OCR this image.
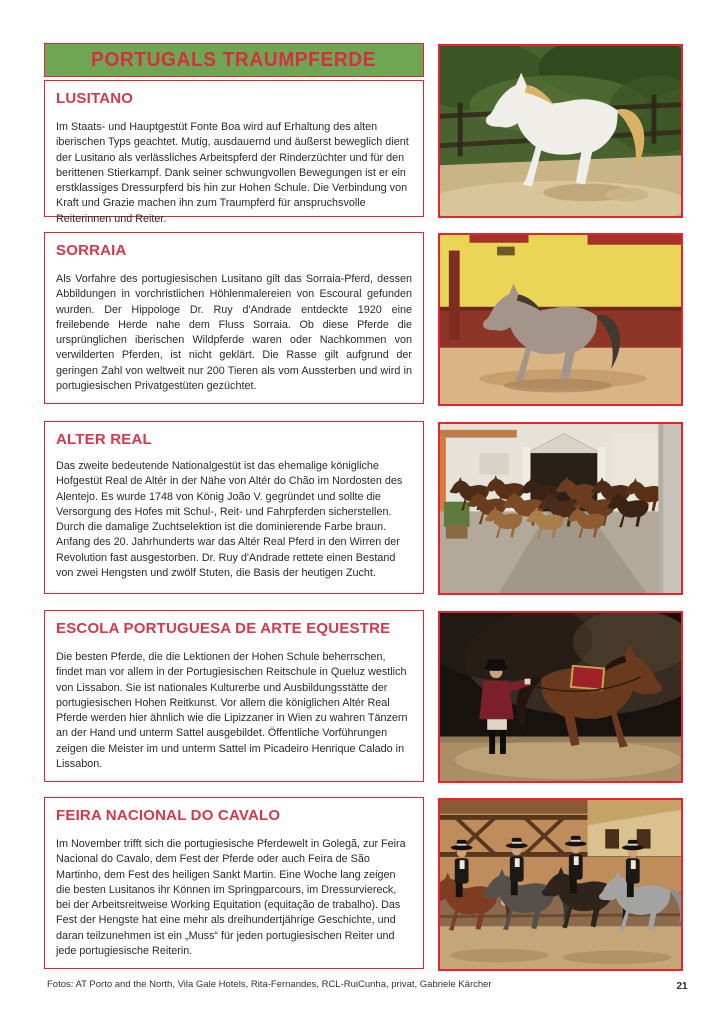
PORTUGALS TRAUMPFERDE
LUSITANO

Im Staats- und Hauptgestüt Fonte Boa wird auf Erhaltung des alten iberischen Typs geachtet. Mutig, ausdauernd und äußerst beweglich dient der Lusitano als verlässliches Arbeitspferd der Rinderzüchter und für den berittenen Stierkampf. Dank seiner schwungvollen Bewegungen ist er ein erstklassiges Dressurpferd bis hin zur Hohen Schule. Die Verbindung von Kraft und Grazie machen ihn zum Traumpferd für anspruchsvolle Reiterinnen und Reiter.

SORRAIA

Als Vorfahre des portugiesischen Lusitano gilt das Sorraia-Pferd, dessen Abbildungen in vorchristlichen Höhlenmalereien von Escoural gefunden wurden. Der Hippologe Dr. Ruy d'Andrade entdeckte 1920 eine freilebende Herde nahe dem Fluss Sorraia. Ob diese Pferde die ursprünglichen iberischen Wildpferde waren oder Nachkommen von verwilderten Pferden, ist nicht geklärt. Die Rasse gilt aufgrund der geringen Zahl von weltweit nur 200 Tieren als vom Aussterben und wird in portugiesischen Privatgestüten gezüchtet.

ALTER REAL

Das zweite bedeutende Nationalgestüt ist das ehemalige königliche Hofgestüt Real de Altér in der Nähe von Altér do Chão im Nordosten des Alentejo. Es wurde 1748 von König João V. gegründet und sollte die Versorgung des Hofes mit Schul-, Reit- und Fahrpferden sicherstellen. Durch die damalige Zuchtselektion ist die dominierende Farbe braun. Anfang des 20. Jahrhunderts war das Altér Real Pferd in den Wirren der Revolution fast ausgestorben. Dr. Ruy d'Andrade rettete einen Bestand von zwei Hengsten und zwölf Stuten, die Basis der heutigen Zucht.

ESCOLA PORTUGUESA DE ARTE EQUESTRE

Die besten Pferde, die die Lektionen der Hohen Schule beherrschen, findet man vor allem in der Portugiesischen Reitschule in Queluz westlich von Lissabon. Sie ist nationales Kulturerbe und Ausbildungsstätte der portugiesischen Hohen Reitkunst. Vor allem die königlichen Altér Real Pferde werden hier ähnlich wie die Lipizzaner in Wien zu wahren Tänzern an der Hand und unterm Sattel ausgebildet. Öffentliche Vorführungen zeigen die Meister im und unterm Sattel im Picadeiro Henrique Calado in Lissabon.

FEIRA NACIONAL DO CAVALO

Im November trifft sich die portugiesische Pferdewelt in Golegã, zur Feira Nacional do Cavalo, dem Fest der Pferde oder auch Feira de São Martinho, dem Fest des heiligen Sankt Martin. Eine Woche lang zeigen die besten Lusitanos ihr Können im Springparcours, im Dressurviereck, bei der Arbeitsreitweise Working Equitation (equitação de trabalho). Das Fest der Hengste hat eine mehr als dreihundertjährige Geschichte, und daran teilzunehmen ist ein „Muss“ für jeden portugiesischen Reiter und jede portugiesische Reiterin.

Fotos: AT Porto and the North, Vila Gale Hotels, Rita-Fernandes, RCL-RuiCunha, privat, Gabriele Kärcher	21
